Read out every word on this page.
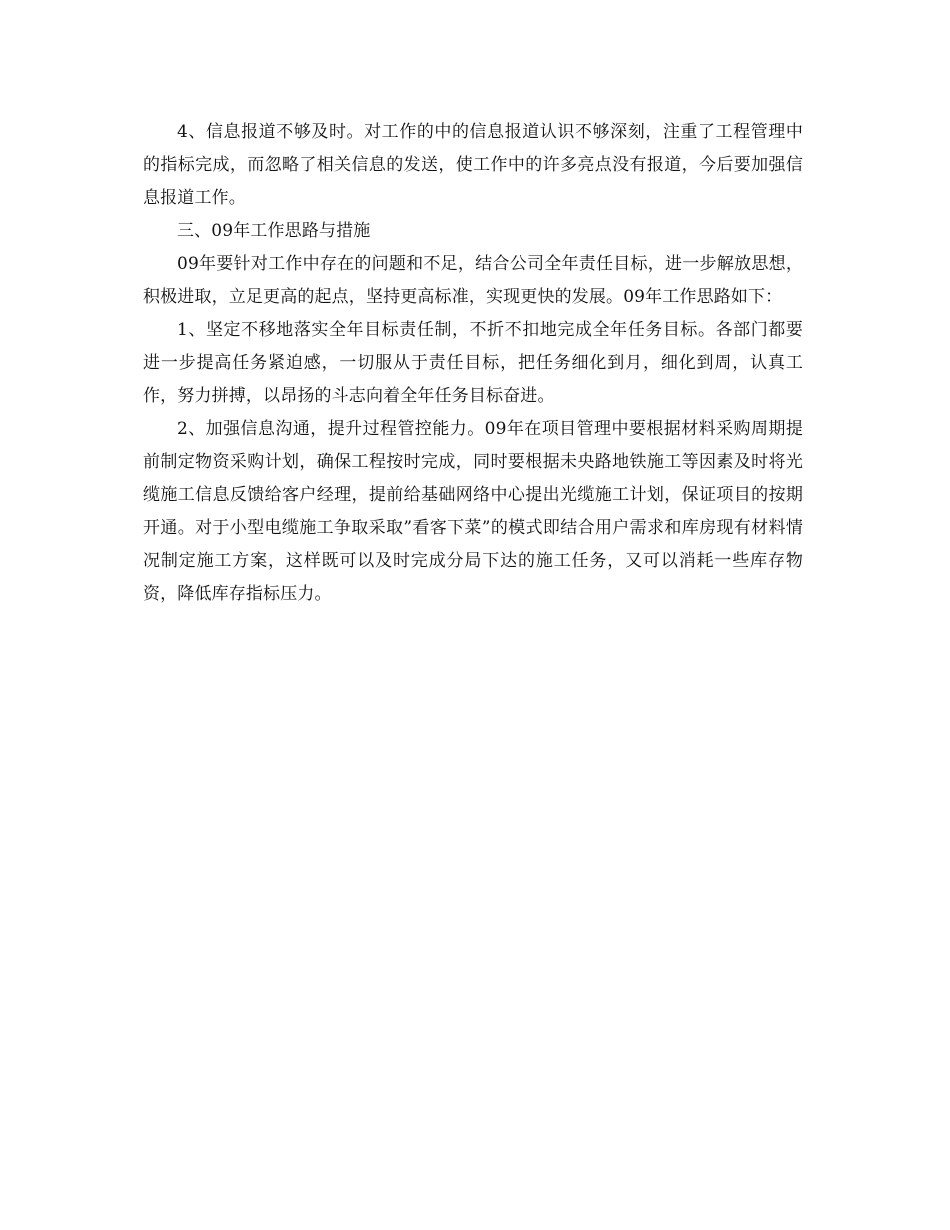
4、信息报道不够及时。对工作的中的信息报道认识不够深刻，注重了工程管理中的指标完成，而忽略了相关信息的发送，使工作中的许多亮点没有报道，今后要加强信息报道工作。

三、09年工作思路与措施

09年要针对工作中存在的问题和不足，结合公司全年责任目标，进一步解放思想，积极进取，立足更高的起点，坚持更高标准，实现更快的发展。09年工作思路如下：

1、坚定不移地落实全年目标责任制，不折不扣地完成全年任务目标。各部门都要进一步提高任务紧迫感，一切服从于责任目标，把任务细化到月，细化到周，认真工作，努力拼搏，以昂扬的斗志向着全年任务目标奋进。

2、加强信息沟通，提升过程管控能力。09年在项目管理中要根据材料采购周期提前制定物资采购计划，确保工程按时完成，同时要根据未央路地铁施工等因素及时将光缆施工信息反馈给客户经理，提前给基础网络中心提出光缆施工计划，保证项目的按期开通。对于小型电缆施工争取采取”看客下菜”的模式即结合用户需求和库房现有材料情况制定施工方案，这样既可以及时完成分局下达的施工任务，又可以消耗一些库存物资，降低库存指标压力。
